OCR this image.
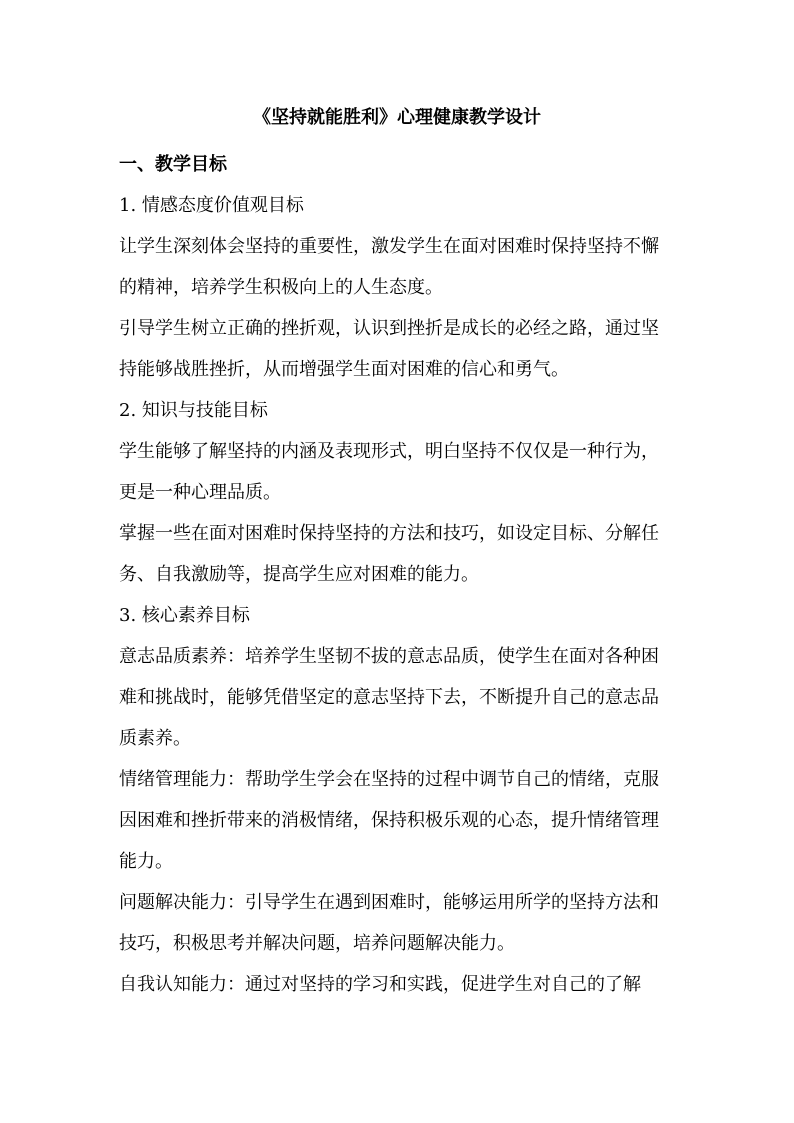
《坚持就能胜利》心理健康教学设计
一、教学目标
1. 情感态度价值观目标
让学生深刻体会坚持的重要性，激发学生在面对困难时保持坚持不懈
的精神，培养学生积极向上的人生态度。
引导学生树立正确的挫折观，认识到挫折是成长的必经之路，通过坚
持能够战胜挫折，从而增强学生面对困难的信心和勇气。
2. 知识与技能目标
学生能够了解坚持的内涵及表现形式，明白坚持不仅仅是一种行为，
更是一种心理品质。
掌握一些在面对困难时保持坚持的方法和技巧，如设定目标、分解任
务、自我激励等，提高学生应对困难的能力。
3. 核心素养目标
意志品质素养：培养学生坚韧不拔的意志品质，使学生在面对各种困
难和挑战时，能够凭借坚定的意志坚持下去，不断提升自己的意志品
质素养。
情绪管理能力：帮助学生学会在坚持的过程中调节自己的情绪，克服
因困难和挫折带来的消极情绪，保持积极乐观的心态，提升情绪管理
能力。
问题解决能力：引导学生在遇到困难时，能够运用所学的坚持方法和
技巧，积极思考并解决问题，培养问题解决能力。
自我认知能力：通过对坚持的学习和实践，促进学生对自己的了解
